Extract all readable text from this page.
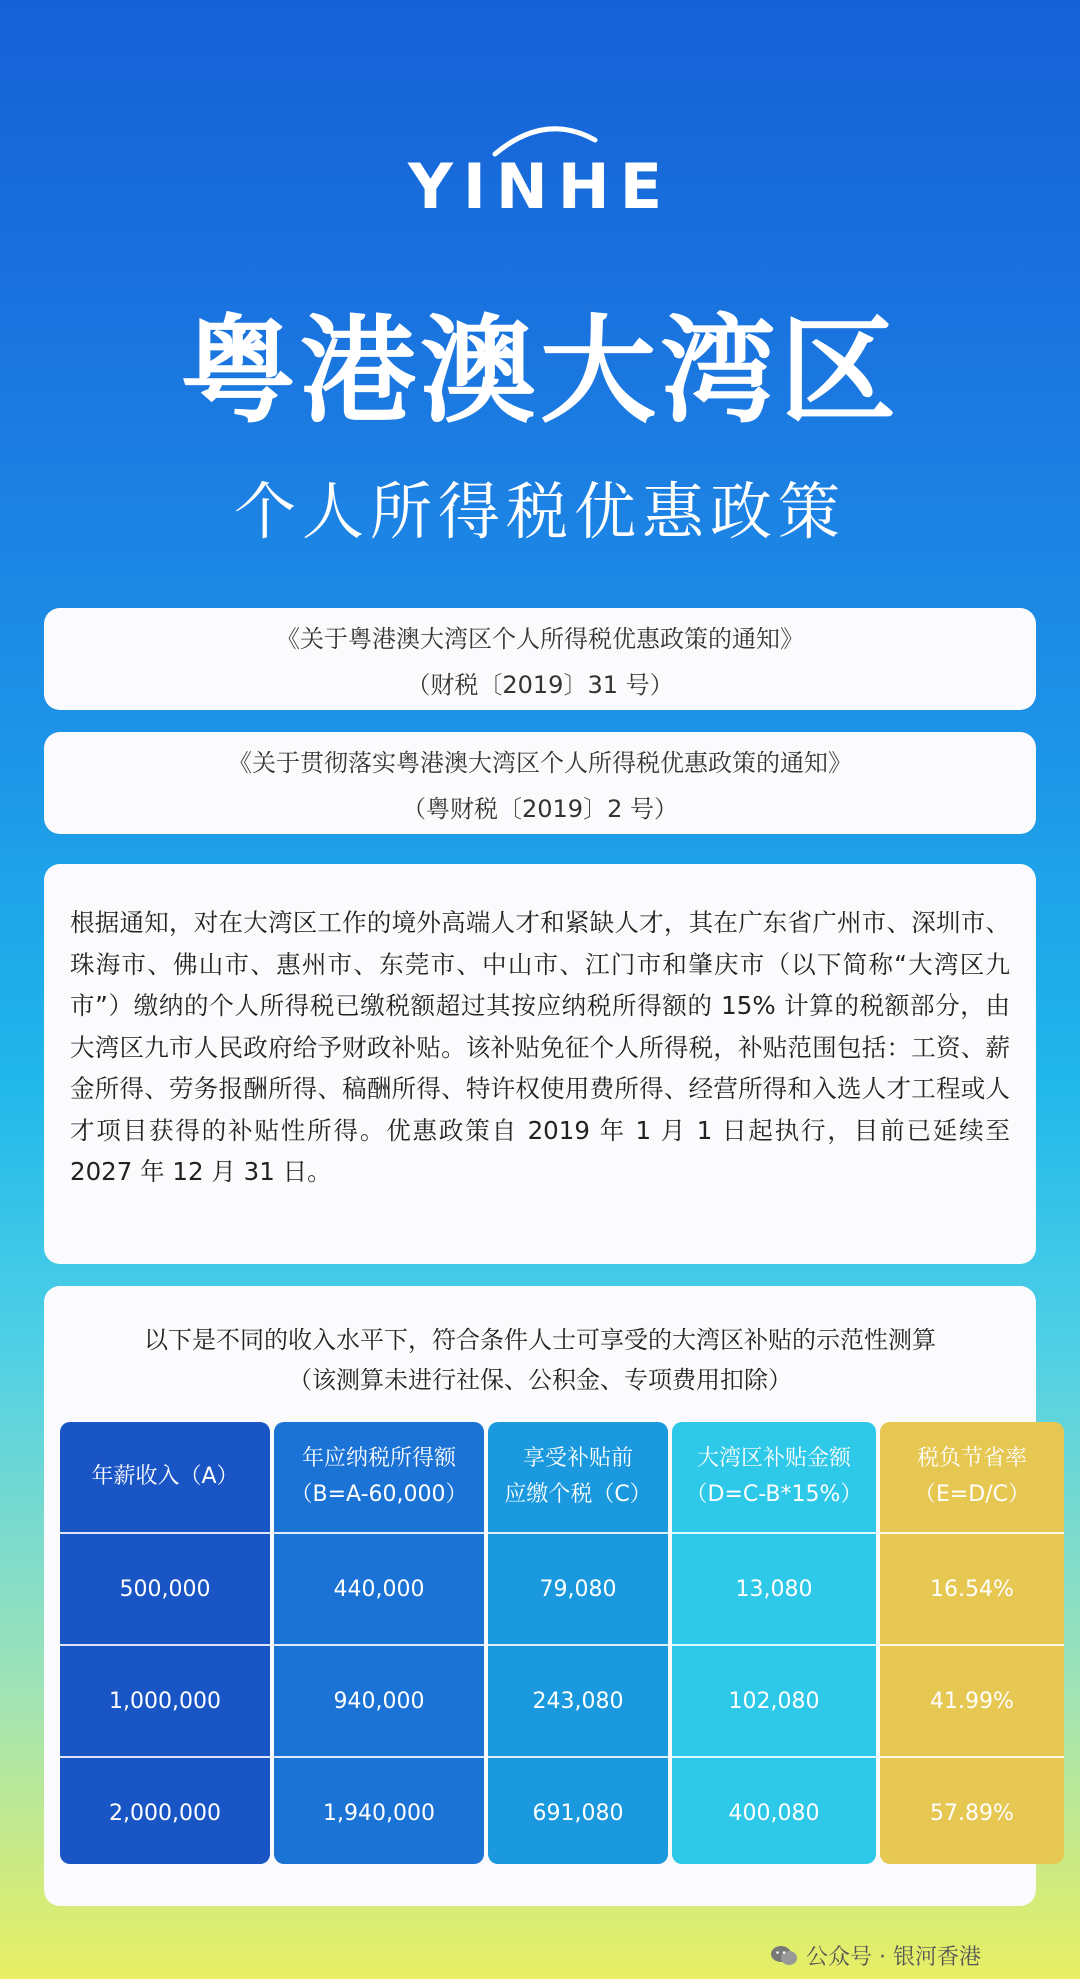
YINHE
粤港澳大湾区
个人所得税优惠政策
《关于粤港澳大湾区个人所得税优惠政策的通知》
（财税〔2019〕31 号）
《关于贯彻落实粤港澳大湾区个人所得税优惠政策的通知》
（粤财税〔2019〕2 号）
根据通知，对在大湾区工作的境外高端人才和紧缺人才，其在广东省广州市、深圳市、珠海市、佛山市、惠州市、东莞市、中山市、江门市和肇庆市（以下简称“大湾区九市”）缴纳的个人所得税已缴税额超过其按应纳税所得额的 15% 计算的税额部分，由大湾区九市人民政府给予财政补贴。该补贴免征个人所得税，补贴范围包括：工资、薪金所得、劳务报酬所得、稿酬所得、特许权使用费所得、经营所得和入选人才工程或人才项目获得的补贴性所得。优惠政策自 2019 年 1 月 1 日起执行，目前已延续至 2027 年 12 月 31 日。
以下是不同的收入水平下，符合条件人士可享受的大湾区补贴的示范性测算
（该测算未进行社保、公积金、专项费用扣除）
年薪收入（A）
500,000
1,000,000
2,000,000
年应纳税所得额
（B=A-60,000）
440,000
940,000
1,940,000
享受补贴前
应缴个税（C）
79,080
243,080
691,080
大湾区补贴金额
（D=C-B*15%）
13,080
102,080
400,080
税负节省率
（E=D/C）
16.54%
41.99%
57.89%
公众号 · 银河香港
